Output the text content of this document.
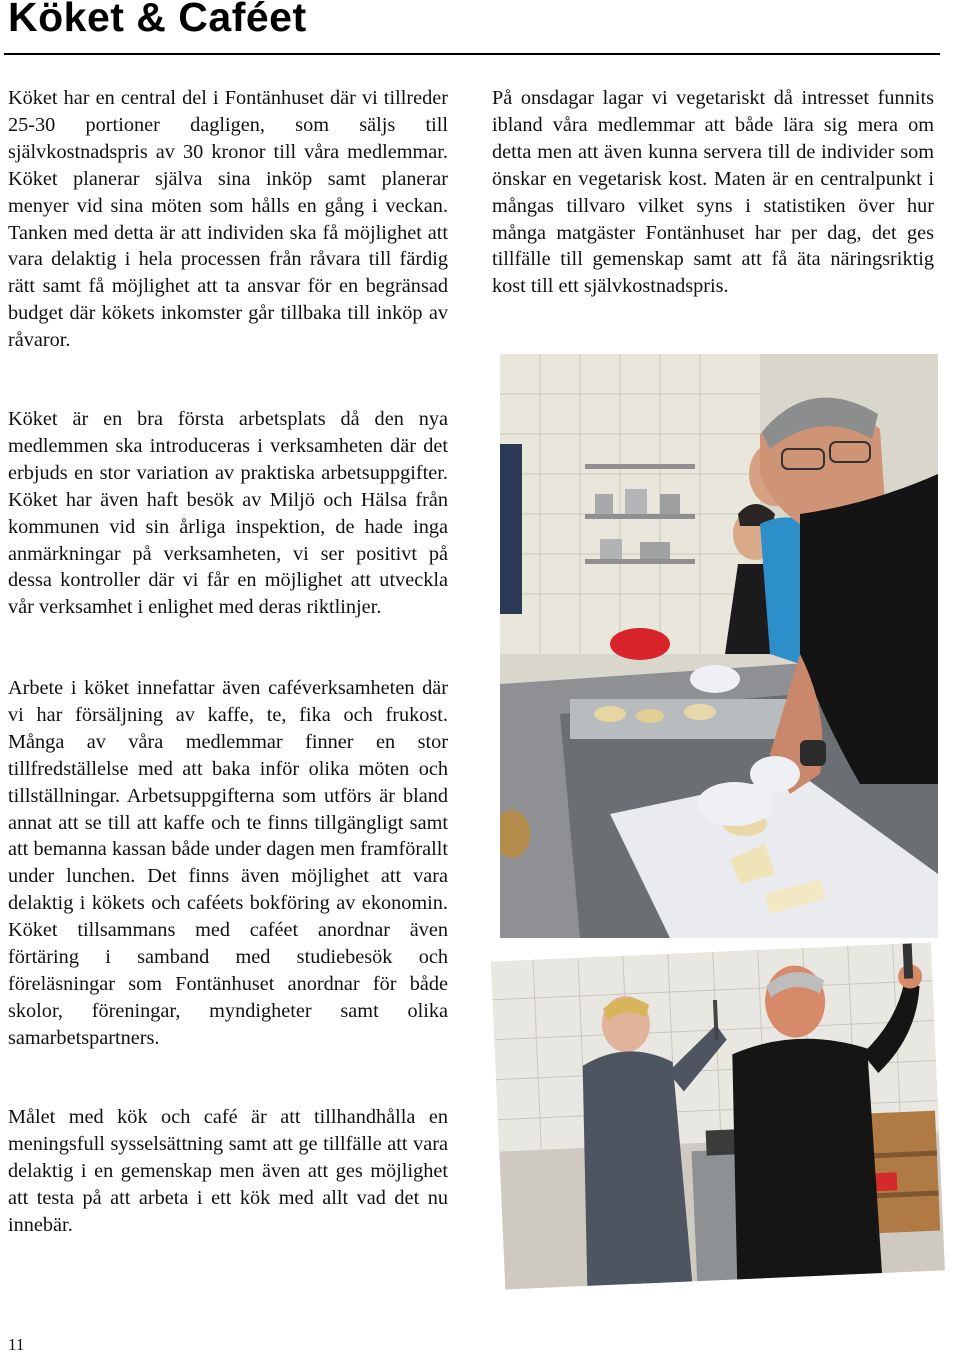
Köket & Caféet

Köket har en central del i Fontänhuset där vi tillreder 25-30 portioner dagligen, som säljs till självkostnadspris av 30 kronor till våra medlemmar. Köket planerar själva sina inköp samt planerar menyer vid sina möten som hålls en gång i veckan. Tanken med detta är att individen ska få möjlighet att vara delaktig i hela processen från råvara till färdig rätt samt få möjlighet att ta ansvar för en begränsad budget där kökets inkomster går tillbaka till inköp av råvaror.

Köket är en bra första arbetsplats då den nya medlemmen ska introduceras i verksamheten där det erbjuds en stor variation av praktiska arbetsuppgifter. Köket har även haft besök av Miljö och Hälsa från kommunen vid sin årliga inspektion, de hade inga anmärkningar på verksamheten, vi ser positivt på dessa kontroller där vi får en möjlighet att utveckla vår verksamhet i enlighet med deras riktlinjer.

Arbete i köket innefattar även caféverksamheten där vi har försäljning av kaffe, te, fika och frukost. Många av våra medlemmar finner en stor tillfredställelse med att baka inför olika möten och tillställningar. Arbetsuppgifterna som utförs är bland annat att se till att kaffe och te finns tillgängligt samt att bemanna kassan både under dagen men framförallt under lunchen. Det finns även möjlighet att vara delaktig i kökets och caféets bokföring av ekonomin. Köket tillsammans med caféet anordnar även förtäring i samband med studiebesök och föreläsningar som Fontänhuset anordnar för både skolor, föreningar, myndigheter samt olika samarbetspartners.

Målet med kök och café är att tillhandhålla en meningsfull sysselsättning samt att ge tillfälle att vara delaktig i en gemenskap men även att ges möjlighet att testa på att arbeta i ett kök med allt vad det nu innebär.

På onsdagar lagar vi vegetariskt då intresset funnits ibland våra medlemmar att både lära sig mera om detta men att även kunna servera till de individer som önskar en vegetarisk kost. Maten är en centralpunkt i mångas tillvaro vilket syns i statistiken över hur många matgäster Fontänhuset har per dag, det ges tillfälle till gemenskap samt att få äta näringsriktig kost till ett självkostnadspris.

11
